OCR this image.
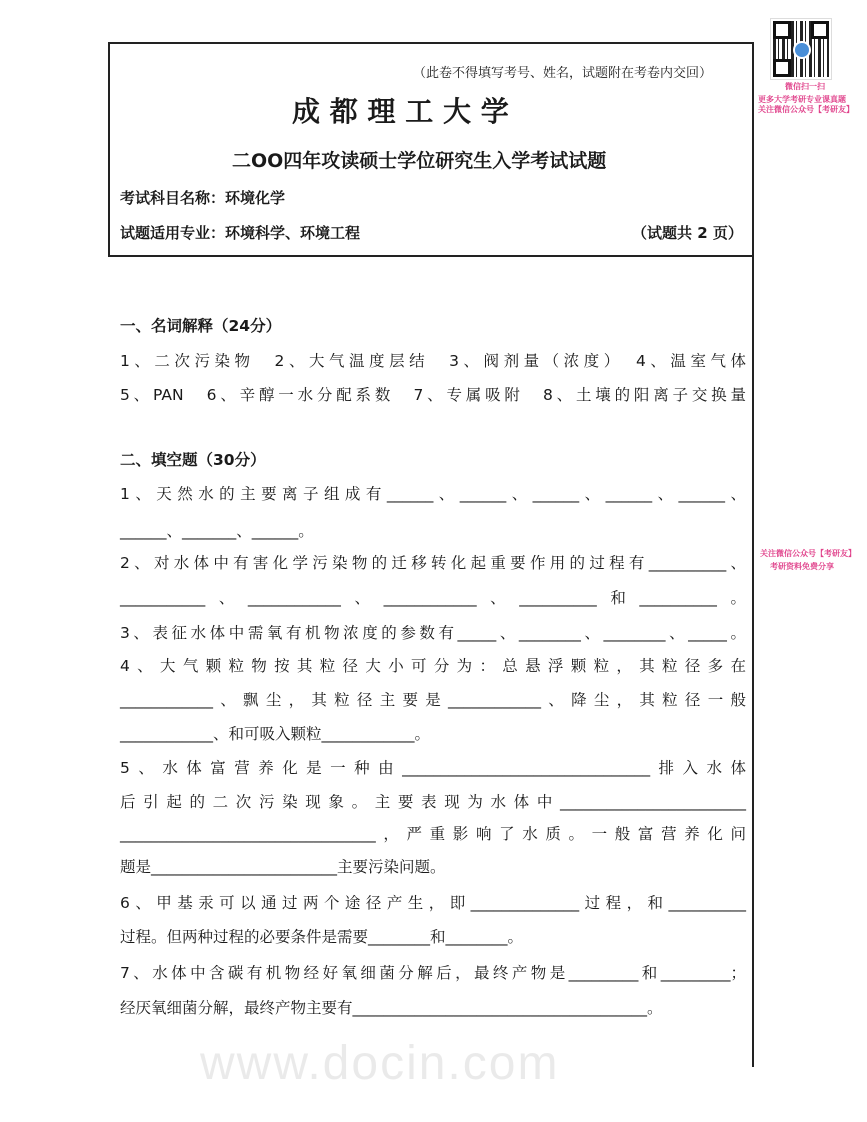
微信扫一扫
更多大学考研专业课真题
关注微信公众号【考研友】
（此卷不得填写考号、姓名，试题附在考卷内交回）
成 都 理 工 大 学
二OO四年攻读硕士学位研究生入学考试试题
考试科目名称：环境化学
试题适用专业：环境科学、环境工程	（试题共 2 页）
一、名词解释（24分）
1、二次污染物　2、大气温度层结　3、阀剂量（浓度）　4、温室气体
5、PAN　6、辛醇一水分配系数　7、专属吸附　8、土壤的阳离子交换量
二、填空题（30分）
1、天然水的主要离子组成有______、______、______、______、______、
______、_______、______。
2、对水体中有害化学污染物的迁移转化起重要作用的过程有__________、
___________、____________、____________、__________和__________。
3、表征水体中需氧有机物浓度的参数有_____、________、________、_____。
4、大气颗粒物按其粒径大小可分为：总悬浮颗粒，其粒径多在
____________、飘尘，其粒径主要是____________、降尘，其粒径一般
____________、和可吸入颗粒____________。
5、水体富营养化是一种由________________________________排入水体
后引起的二次污染现象。主要表现为水体中________________________
_________________________________，严重影响了水质。一般富营养化问
题是________________________主要污染问题。
6、甲基汞可以通过两个途径产生，即______________过程，和__________
过程。但两种过程的必要条件是需要________和________。
7、水体中含碳有机物经好氧细菌分解后，最终产物是_________和_________；
经厌氧细菌分解，最终产物主要有______________________________________。
www.docin.com
关注微信公众号【考研友】
考研资料免费分享
